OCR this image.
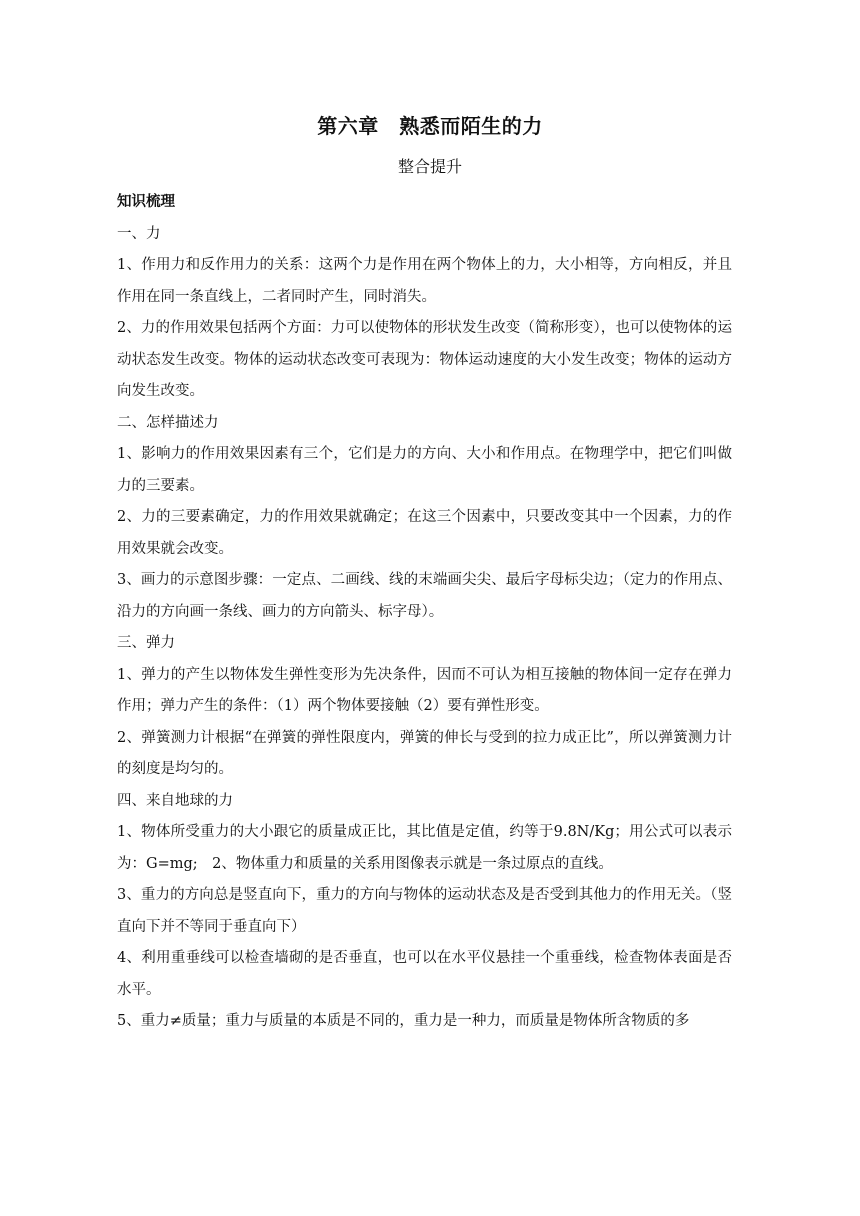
第六章　熟悉而陌生的力
整合提升

知识梳理

一、力

1、作用力和反作用力的关系：这两个力是作用在两个物体上的力，大小相等，方向相反，并且作用在同一条直线上，二者同时产生，同时消失。

2、力的作用效果包括两个方面：力可以使物体的形状发生改变（简称形变），也可以使物体的运动状态发生改变。物体的运动状态改变可表现为：物体运动速度的大小发生改变；物体的运动方向发生改变。

二、怎样描述力

1、影响力的作用效果因素有三个，它们是力的方向、大小和作用点。在物理学中，把它们叫做力的三要素。

2、力的三要素确定，力的作用效果就确定；在这三个因素中，只要改变其中一个因素，力的作用效果就会改变。

3、画力的示意图步骤：一定点、二画线、线的末端画尖尖、最后字母标尖边；（定力的作用点、沿力的方向画一条线、画力的方向箭头、标字母）。

三、弹力

1、弹力的产生以物体发生弹性变形为先决条件，因而不可认为相互接触的物体间一定存在弹力作用；弹力产生的条件：（1）两个物体要接触（2）要有弹性形变。

2、弹簧测力计根据“在弹簧的弹性限度内，弹簧的伸长与受到的拉力成正比”，所以弹簧测力计的刻度是均匀的。

四、来自地球的力

1、物体所受重力的大小跟它的质量成正比，其比值是定值，约等于9.8N/Kg；用公式可以表示为：G=mg;　2、物体重力和质量的关系用图像表示就是一条过原点的直线。

3、重力的方向总是竖直向下，重力的方向与物体的运动状态及是否受到其他力的作用无关。（竖直向下并不等同于垂直向下）

4、利用重垂线可以检查墙砌的是否垂直，也可以在水平仪悬挂一个重垂线，检查物体表面是否水平。

5、重力≠质量；重力与质量的本质是不同的，重力是一种力，而质量是物体所含物质的多
